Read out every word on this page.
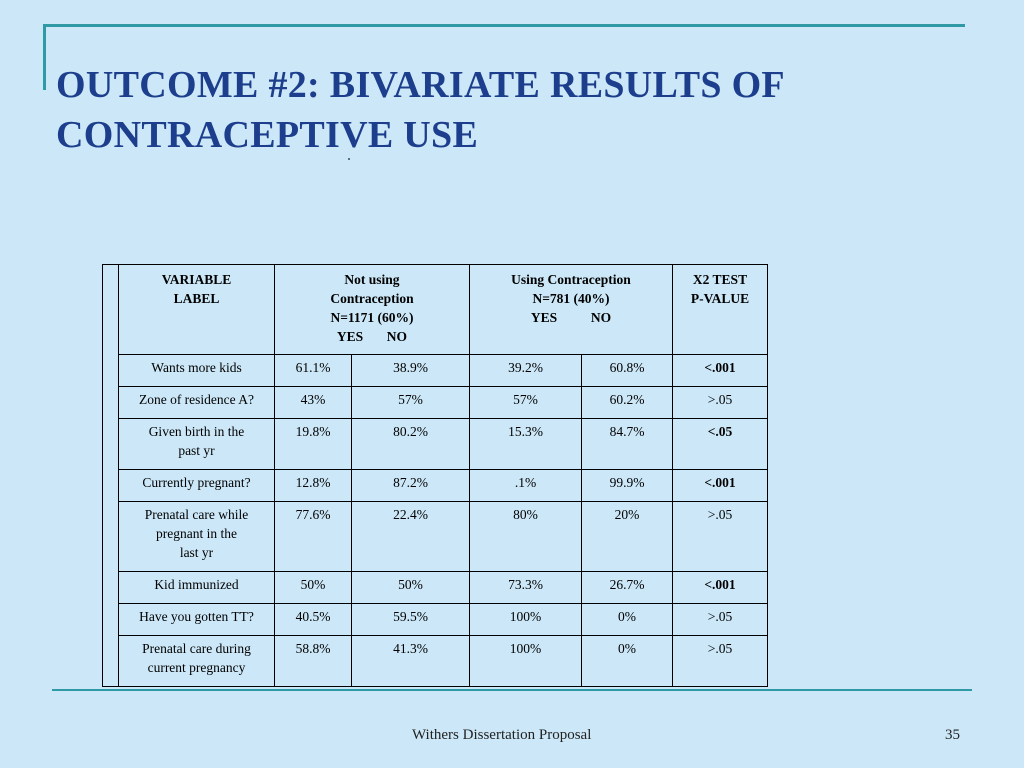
OUTCOME #2: BIVARIATE RESULTS OF
CONTRACEPTIVE USE
	VARIABLE
LABEL	Not using
Contraception
N=1171 (60%)
YES       NO		Using Contraception
N=781 (40%)
YES          NO		X2 TEST
P-VALUE
	Wants more kids	61.1%	38.9%	39.2%	60.8%	<.001
	Zone of residence A?	43%	57%	57%	60.2%	>.05
	Given birth in the
past yr	19.8%	80.2%	15.3%	84.7%	<.05
	Currently pregnant?	12.8%	87.2%	.1%	99.9%	<.001
	Prenatal care while
pregnant in the
last yr	77.6%	22.4%	80%	20%	>.05
	Kid immunized	50%	50%	73.3%	26.7%	<.001
	Have you gotten TT?	40.5%	59.5%	100%	0%	>.05
	Prenatal care during
current pregnancy	58.8%	41.3%	100%	0%	>.05
Withers Dissertation Proposal	35
